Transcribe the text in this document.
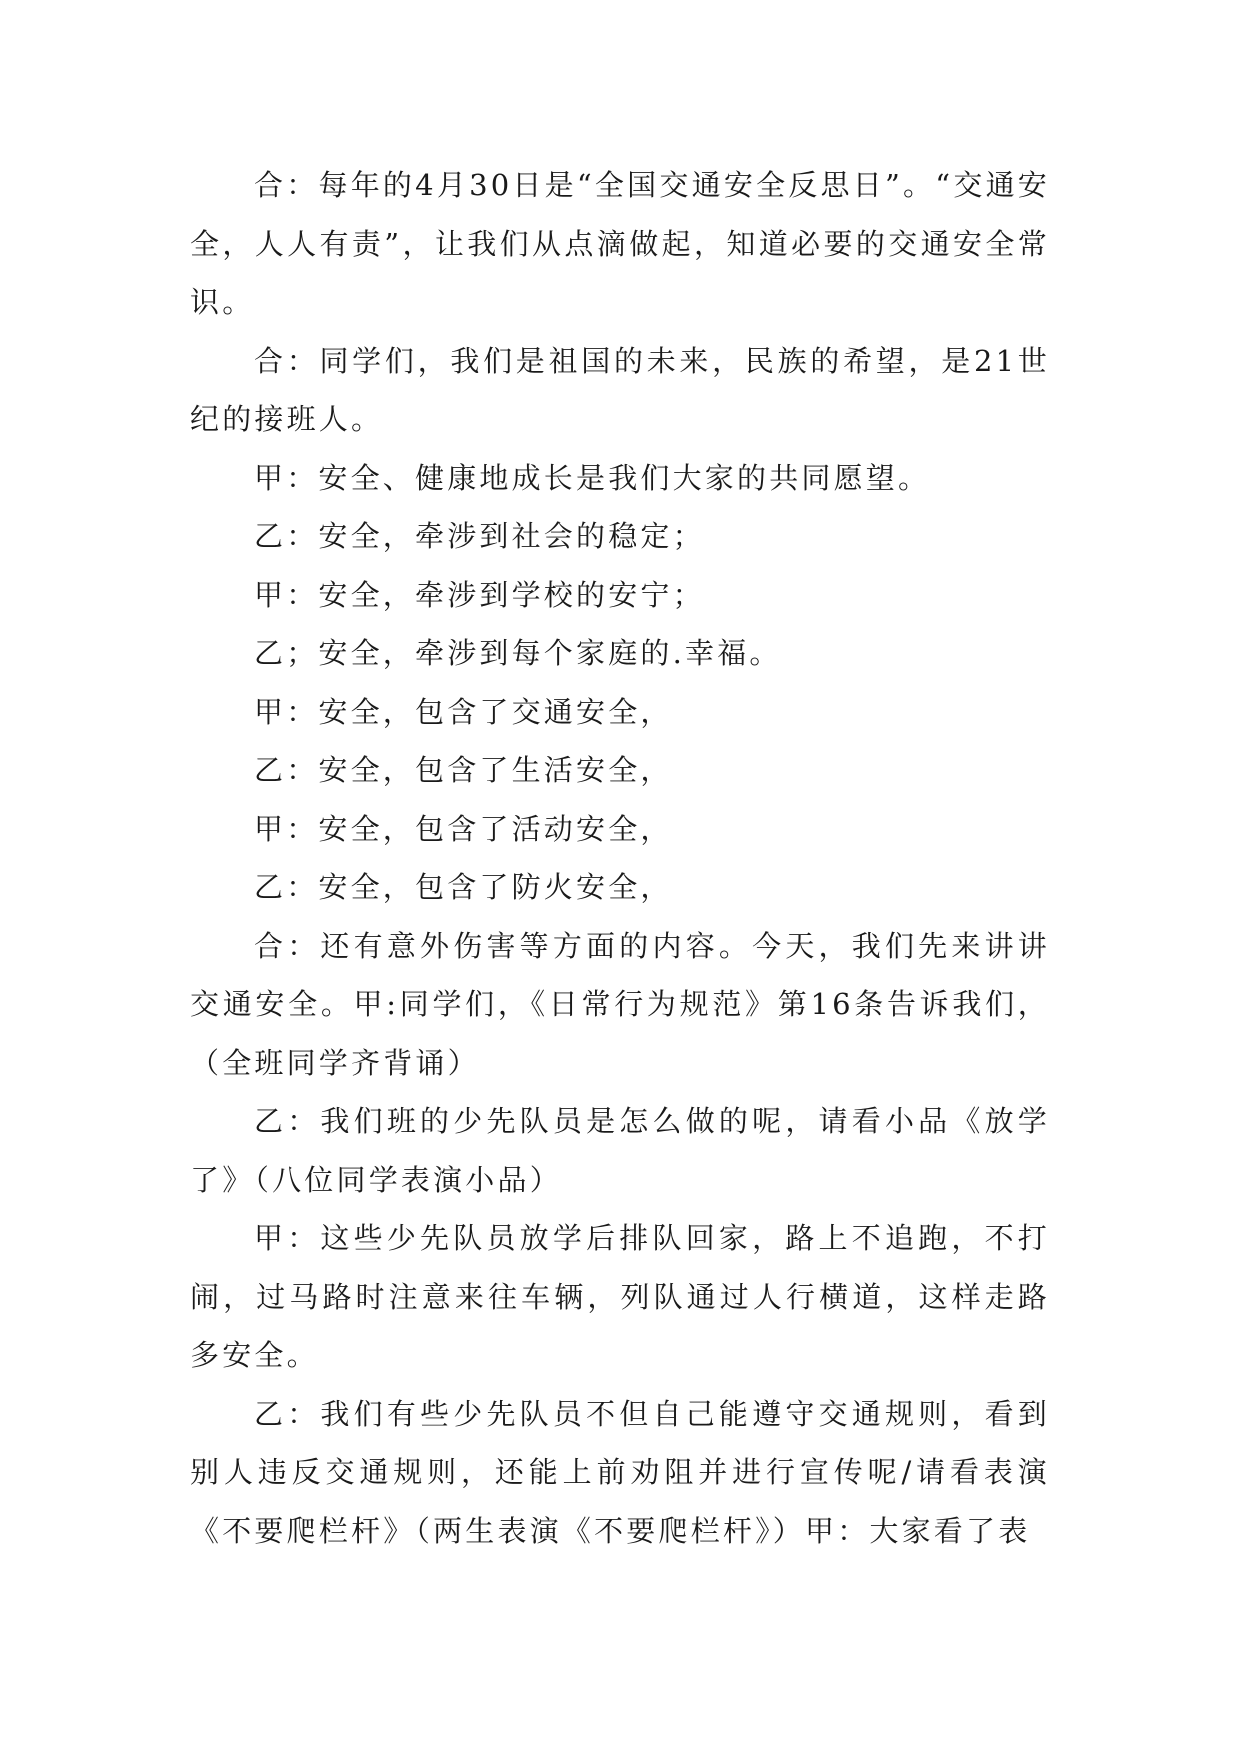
合：每年的4月30日是“全国交通安全反思日”。“交通安全，人人有责”，让我们从点滴做起，知道必要的交通安全常识。

合：同学们，我们是祖国的未来，民族的希望，是21世纪的接班人。

甲：安全、健康地成长是我们大家的共同愿望。

乙：安全，牵涉到社会的稳定；

甲：安全，牵涉到学校的安宁；

乙；安全，牵涉到每个家庭的.幸福。

甲：安全，包含了交通安全，

乙：安全，包含了生活安全，

甲：安全，包含了活动安全，

乙：安全，包含了防火安全，

合：还有意外伤害等方面的内容。今天，我们先来讲讲交通安全。甲:同学们，《日常行为规范》第16条告诉我们，（全班同学齐背诵）

乙：我们班的少先队员是怎么做的呢，请看小品《放学了》（八位同学表演小品）

甲：这些少先队员放学后排队回家，路上不追跑，不打闹，过马路时注意来往车辆，列队通过人行横道，这样走路多安全。

乙：我们有些少先队员不但自己能遵守交通规则，看到别人违反交通规则，还能上前劝阻并进行宣传呢/请看表演《不要爬栏杆》（两生表演《不要爬栏杆》）甲：大家看了表
